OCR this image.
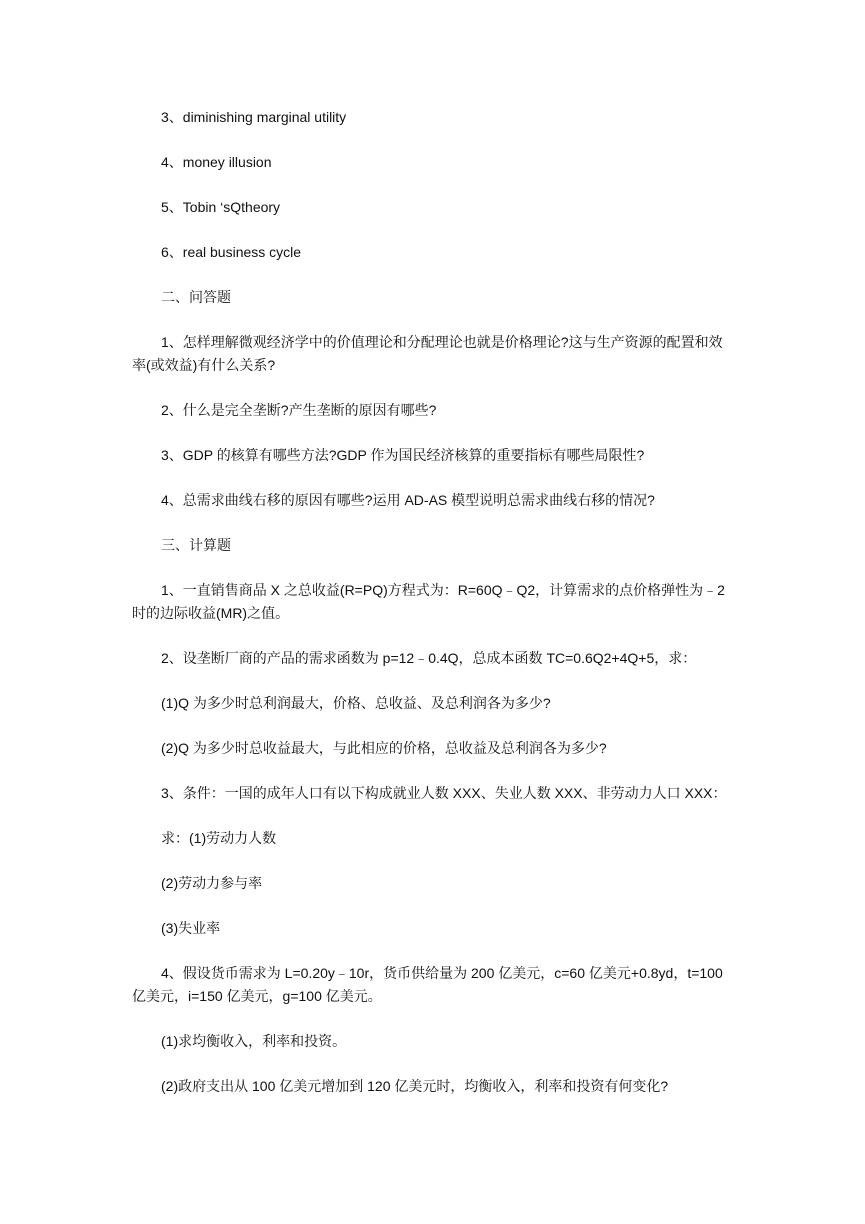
3、diminishing marginal utility

4、money illusion

5、Tobin ‘sQtheory

6、real business cycle

二、问答题

1、怎样理解微观经济学中的价值理论和分配理论也就是价格理论?这与生产资源的配置和效率(或效益)有什么关系?

2、什么是完全垄断?产生垄断的原因有哪些?

3、GDP 的核算有哪些方法?GDP 作为国民经济核算的重要指标有哪些局限性?

4、总需求曲线右移的原因有哪些?运用 AD-AS 模型说明总需求曲线右移的情况?

三、计算题

1、一直销售商品 X 之总收益(R=PQ)方程式为：R=60Q﹣Q2，计算需求的点价格弹性为﹣2 时的边际收益(MR)之值。

2、设垄断厂商的产品的需求函数为 p=12﹣0.4Q，总成本函数 TC=0.6Q2+4Q+5，求：

(1)Q 为多少时总利润最大，价格、总收益、及总利润各为多少?

(2)Q 为多少时总收益最大，与此相应的价格，总收益及总利润各为多少?

3、条件：一国的成年人口有以下构成就业人数 XXX、失业人数 XXX、非劳动力人口 XXX：

求：(1)劳动力人数

(2)劳动力参与率

(3)失业率

4、假设货币需求为 L=0.20y﹣10r，货币供给量为 200 亿美元，c=60 亿美元+0.8yd，t=100 亿美元，i=150 亿美元，g=100 亿美元。

(1)求均衡收入，利率和投资。

(2)政府支出从 100 亿美元增加到 120 亿美元时，均衡收入，利率和投资有何变化?
